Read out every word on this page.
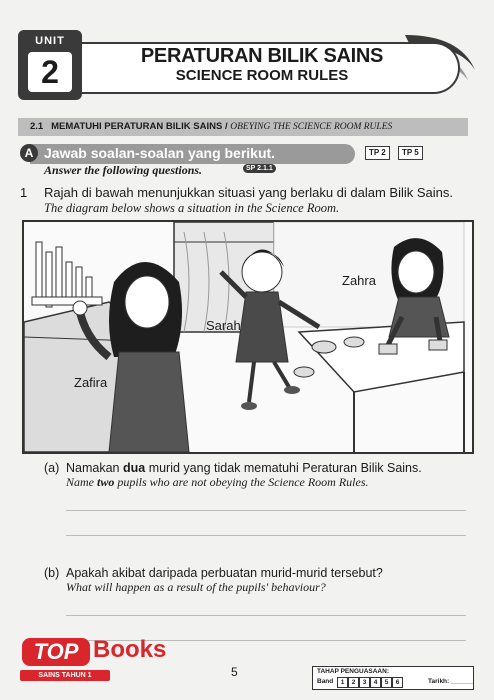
PERATURAN BILIK SAINS
SCIENCE ROOM RULES
UNIT
2
2.1 MEMATUHI PERATURAN BILIK SAINS / OBEYING THE SCIENCE ROOM RULES
A Jawab soalan-soalan yang berikut.
Answer the following questions.	SP 2.1.1
TP 2	TP 5
1 Rajah di bawah menunjukkan situasi yang berlaku di dalam Bilik Sains.
The diagram below shows a situation in the Science Room.
Zafira
Sarah
Zahra
(a) Namakan dua murid yang tidak mematuhi Peraturan Bilik Sains.
Name two pupils who are not obeying the Science Room Rules.
(b) Apakah akibat daripada perbuatan murid-murid tersebut?
What will happen as a result of the pupils' behaviour?
TOP Books
SAINS TAHUN 1	5	TAHAP PENGUASAAN:
Band	1	2	3	4	5	6	Tarikh: ______
